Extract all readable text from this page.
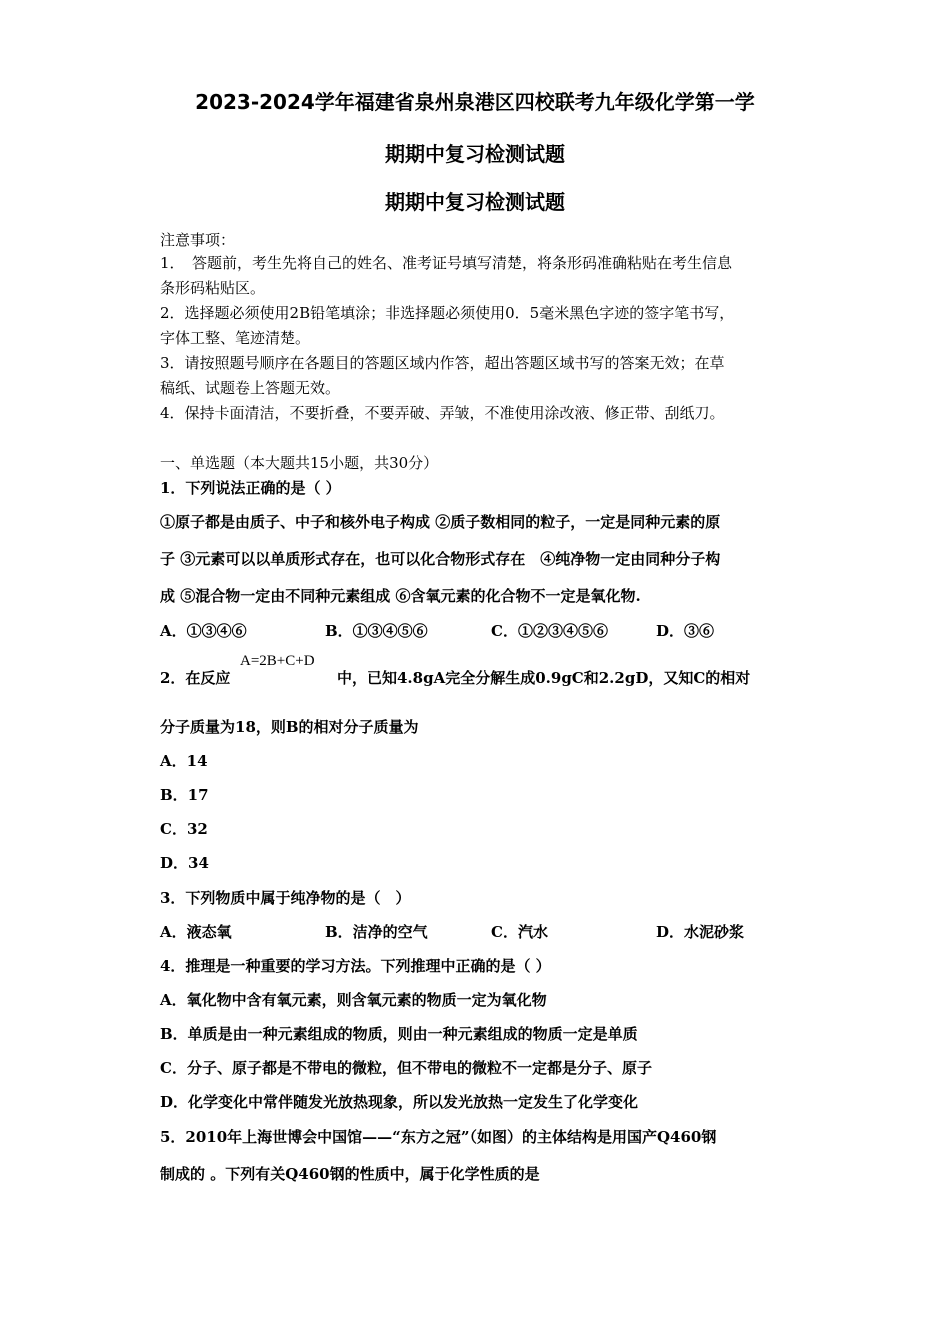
2023-2024学年福建省泉州泉港区四校联考九年级化学第一学
期期中复习检测试题
期期中复习检测试题
注意事项：
1．　答题前，考生先将自己的姓名、准考证号填写清楚，将条形码准确粘贴在考生信息
条形码粘贴区。
2．选择题必须使用2B铅笔填涂；非选择题必须使用0．5毫米黑色字迹的签字笔书写，
字体工整、笔迹清楚。
3．请按照题号顺序在各题目的答题区域内作答，超出答题区域书写的答案无效；在草
稿纸、试题卷上答题无效。
4．保持卡面清洁，不要折叠，不要弄破、弄皱，不准使用涂改液、修正带、刮纸刀。
一、单选题（本大题共15小题，共30分）
1．下列说法正确的是（ ）
①原子都是由质子、中子和核外电子构成 ②质子数相同的粒子，一定是同种元素的原
子 ③元素可以以单质形式存在，也可以化合物形式存在　④纯净物一定由同种分子构
成 ⑤混合物一定由不同种元素组成 ⑥含氧元素的化合物不一定是氧化物.
A．①③④⑥	B．①③④⑤⑥	C．①②③④⑤⑥	D．③⑥
2．在反应
A=2B+C+D
中，已知4.8gA完全分解生成0.9gC和2.2gD，又知C的相对
分子质量为18，则B的相对分子质量为
A．14
B．17
C．32
D．34
3．下列物质中属于纯净物的是（　）
A．液态氧	B．洁净的空气	C．汽水	D．水泥砂浆
4．推理是一种重要的学习方法。下列推理中正确的是（ ）
A．氧化物中含有氧元素，则含氧元素的物质一定为氧化物
B．单质是由一种元素组成的物质，则由一种元素组成的物质一定是单质
C．分子、原子都是不带电的微粒，但不带电的微粒不一定都是分子、原子
D．化学变化中常伴随发光放热现象，所以发光放热一定发生了化学变化
5．2010年上海世博会中国馆——“东方之冠”（如图）的主体结构是用国产Q460钢
制成的 。下列有关Q460钢的性质中，属于化学性质的是
